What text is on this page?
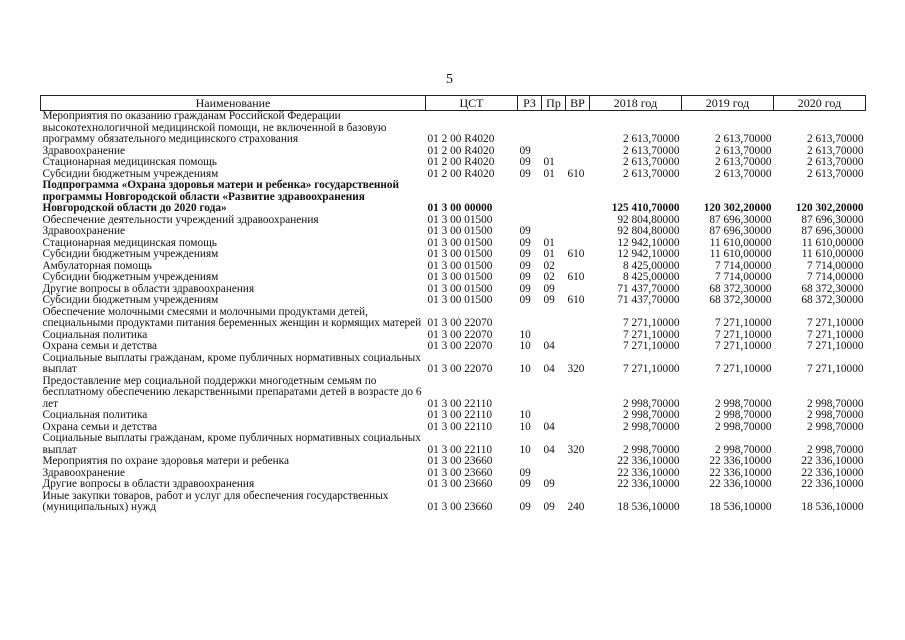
5
Наименование	ЦСТ	РЗ	Пр	ВР	2018 год	2019 год	2020 год
Мероприятия по оказанию гражданам Российской Федерации высокотехнологичной медицинской помощи, не включенной в базовую программу обязательного медицинского страхования	01 2 00 R4020				2 613,70000	2 613,70000	2 613,70000
Здравоохранение	01 2 00 R4020	09			2 613,70000	2 613,70000	2 613,70000
Стационарная медицинская помощь	01 2 00 R4020	09	01		2 613,70000	2 613,70000	2 613,70000
Субсидии бюджетным учреждениям	01 2 00 R4020	09	01	610	2 613,70000	2 613,70000	2 613,70000
Подпрограмма «Охрана здоровья матери и ребенка» государственной программы Новгородской области «Развитие здравоохранения Новгородской области до 2020 года»	01 3 00 00000				125 410,70000	120 302,20000	120 302,20000
Обеспечение деятельности учреждений здравоохранения	01 3 00 01500				92 804,80000	87 696,30000	87 696,30000
Здравоохранение	01 3 00 01500	09			92 804,80000	87 696,30000	87 696,30000
Стационарная медицинская помощь	01 3 00 01500	09	01		12 942,10000	11 610,00000	11 610,00000
Субсидии бюджетным учреждениям	01 3 00 01500	09	01	610	12 942,10000	11 610,00000	11 610,00000
Амбулаторная помощь	01 3 00 01500	09	02		8 425,00000	7 714,00000	7 714,00000
Субсидии бюджетным учреждениям	01 3 00 01500	09	02	610	8 425,00000	7 714,00000	7 714,00000
Другие вопросы в области здравоохранения	01 3 00 01500	09	09		71 437,70000	68 372,30000	68 372,30000
Субсидии бюджетным учреждениям	01 3 00 01500	09	09	610	71 437,70000	68 372,30000	68 372,30000
Обеспечение молочными смесями и молочными продуктами детей, специальными продуктами питания беременных женщин и кормящих матерей	01 3 00 22070				7 271,10000	7 271,10000	7 271,10000
Социальная политика	01 3 00 22070	10			7 271,10000	7 271,10000	7 271,10000
Охрана семьи и детства	01 3 00 22070	10	04		7 271,10000	7 271,10000	7 271,10000
Социальные выплаты гражданам, кроме публичных нормативных социальных выплат	01 3 00 22070	10	04	320	7 271,10000	7 271,10000	7 271,10000
Предоставление мер социальной поддержки многодетным семьям по бесплатному обеспечению лекарственными препаратами детей в возрасте до 6 лет	01 3 00 22110				2 998,70000	2 998,70000	2 998,70000
Социальная политика	01 3 00 22110	10			2 998,70000	2 998,70000	2 998,70000
Охрана семьи и детства	01 3 00 22110	10	04		2 998,70000	2 998,70000	2 998,70000
Социальные выплаты гражданам, кроме публичных нормативных социальных выплат	01 3 00 22110	10	04	320	2 998,70000	2 998,70000	2 998,70000
Мероприятия по охране здоровья матери и ребенка	01 3 00 23660				22 336,10000	22 336,10000	22 336,10000
Здравоохранение	01 3 00 23660	09			22 336,10000	22 336,10000	22 336,10000
Другие вопросы в области здравоохранения	01 3 00 23660	09	09		22 336,10000	22 336,10000	22 336,10000
Иные закупки товаров, работ и услуг для обеспечения государственных (муниципальных) нужд	01 3 00 23660	09	09	240	18 536,10000	18 536,10000	18 536,10000
